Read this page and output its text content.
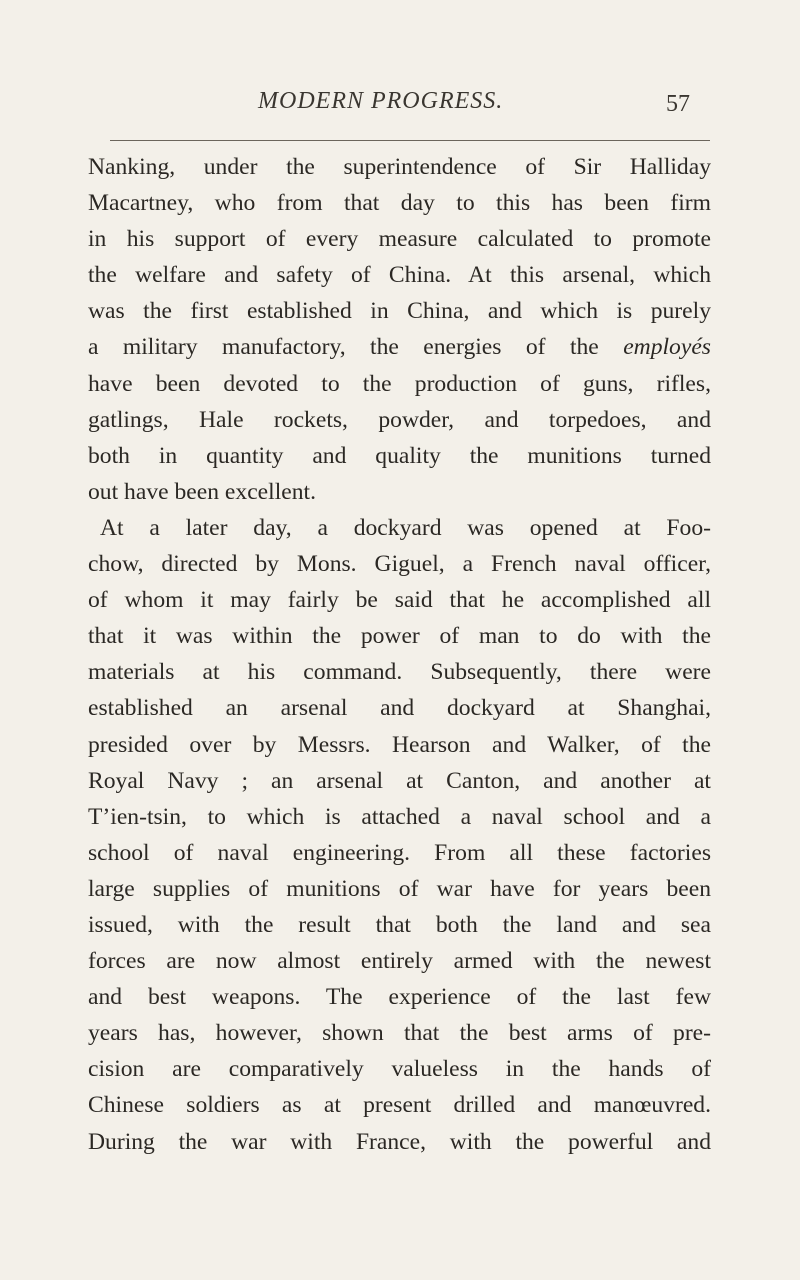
MODERN PROGRESS.	57
Nanking, under the superintendence of Sir Halliday
Macartney, who from that day to this has been firm
in his support of every measure calculated to promote
the welfare and safety of China. At this arsenal, which
was the first established in China, and which is purely
a military manufactory, the energies of the employés
have been devoted to the production of guns, rifles,
gatlings, Hale rockets, powder, and torpedoes, and
both in quantity and quality the munitions turned
out have been excellent.
At a later day, a dockyard was opened at Foo-
chow, directed by Mons. Giguel, a French naval officer,
of whom it may fairly be said that he accomplished all
that it was within the power of man to do with the
materials at his command. Subsequently, there were
established an arsenal and dockyard at Shanghai,
presided over by Messrs. Hearson and Walker, of the
Royal Navy ; an arsenal at Canton, and another at
T’ien-tsin, to which is attached a naval school and a
school of naval engineering. From all these factories
large supplies of munitions of war have for years been
issued, with the result that both the land and sea
forces are now almost entirely armed with the newest
and best weapons. The experience of the last few
years has, however, shown that the best arms of pre-
cision are comparatively valueless in the hands of
Chinese soldiers as at present drilled and manœuvred.
During the war with France, with the powerful and
